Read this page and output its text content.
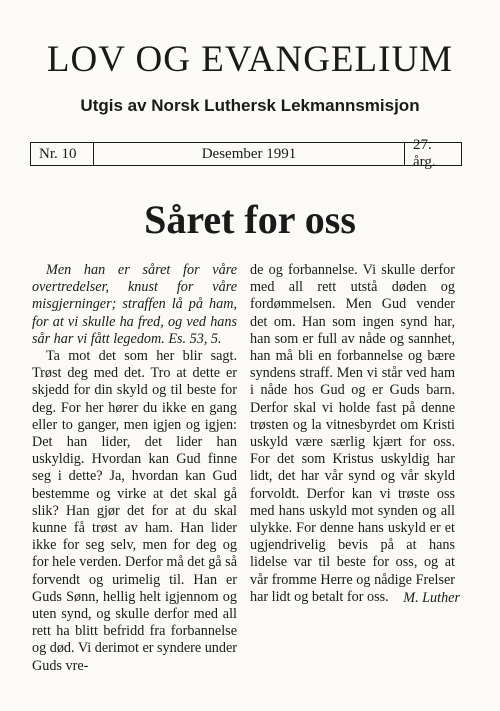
LOV OG EVANGELIUM
Utgis av Norsk Luthersk Lekmannsmisjon
Nr. 10	Desember 1991
27. årg.
Såret for oss

Men han er såret for våre overtredelser, knust for våre misgjerninger; straffen lå på ham, for at vi skulle ha fred, og ved hans sår har vi fått legedom. Es. 53, 5.

Ta mot det som her blir sagt. Trøst deg med det. Tro at dette er skjedd for din skyld og til beste for deg. For her hører du ikke en gang eller to ganger, men igjen og igjen: Det han lider, det lider han uskyldig. Hvordan kan Gud finne seg i dette? Ja, hvordan kan Gud bestemme og virke at det skal gå slik? Han gjør det for at du skal kunne få trøst av ham. Han lider ikke for seg selv, men for deg og for hele verden. Derfor må det gå så forvendt og urimelig til. Han er Guds Sønn, hellig helt igjennom og uten synd, og skulle derfor med all rett ha blitt befridd fra forbannelse og død. Vi derimot er syndere under Guds vre-

de og forbannelse. Vi skulle derfor med all rett utstå døden og fordømmelsen. Men Gud vender det om. Han som ingen synd har, han som er full av nåde og sannhet, han må bli en forbannelse og bære syndens straff. Men vi står ved ham i nåde hos Gud og er Guds barn. Derfor skal vi holde fast på denne trøsten og la vitnesbyrdet om Kristi uskyld være særlig kjært for oss. For det som Kristus uskyldig har lidt, det har vår synd og vår skyld forvoldt. Derfor kan vi trøste oss med hans uskyld mot synden og all ulykke. For denne hans uskyld er et ugjendrivelig bevis på at hans lidelse var til beste for oss, og at vår fromme Herre og nådige Frelser har lidt og betalt for oss.	M. Luther
